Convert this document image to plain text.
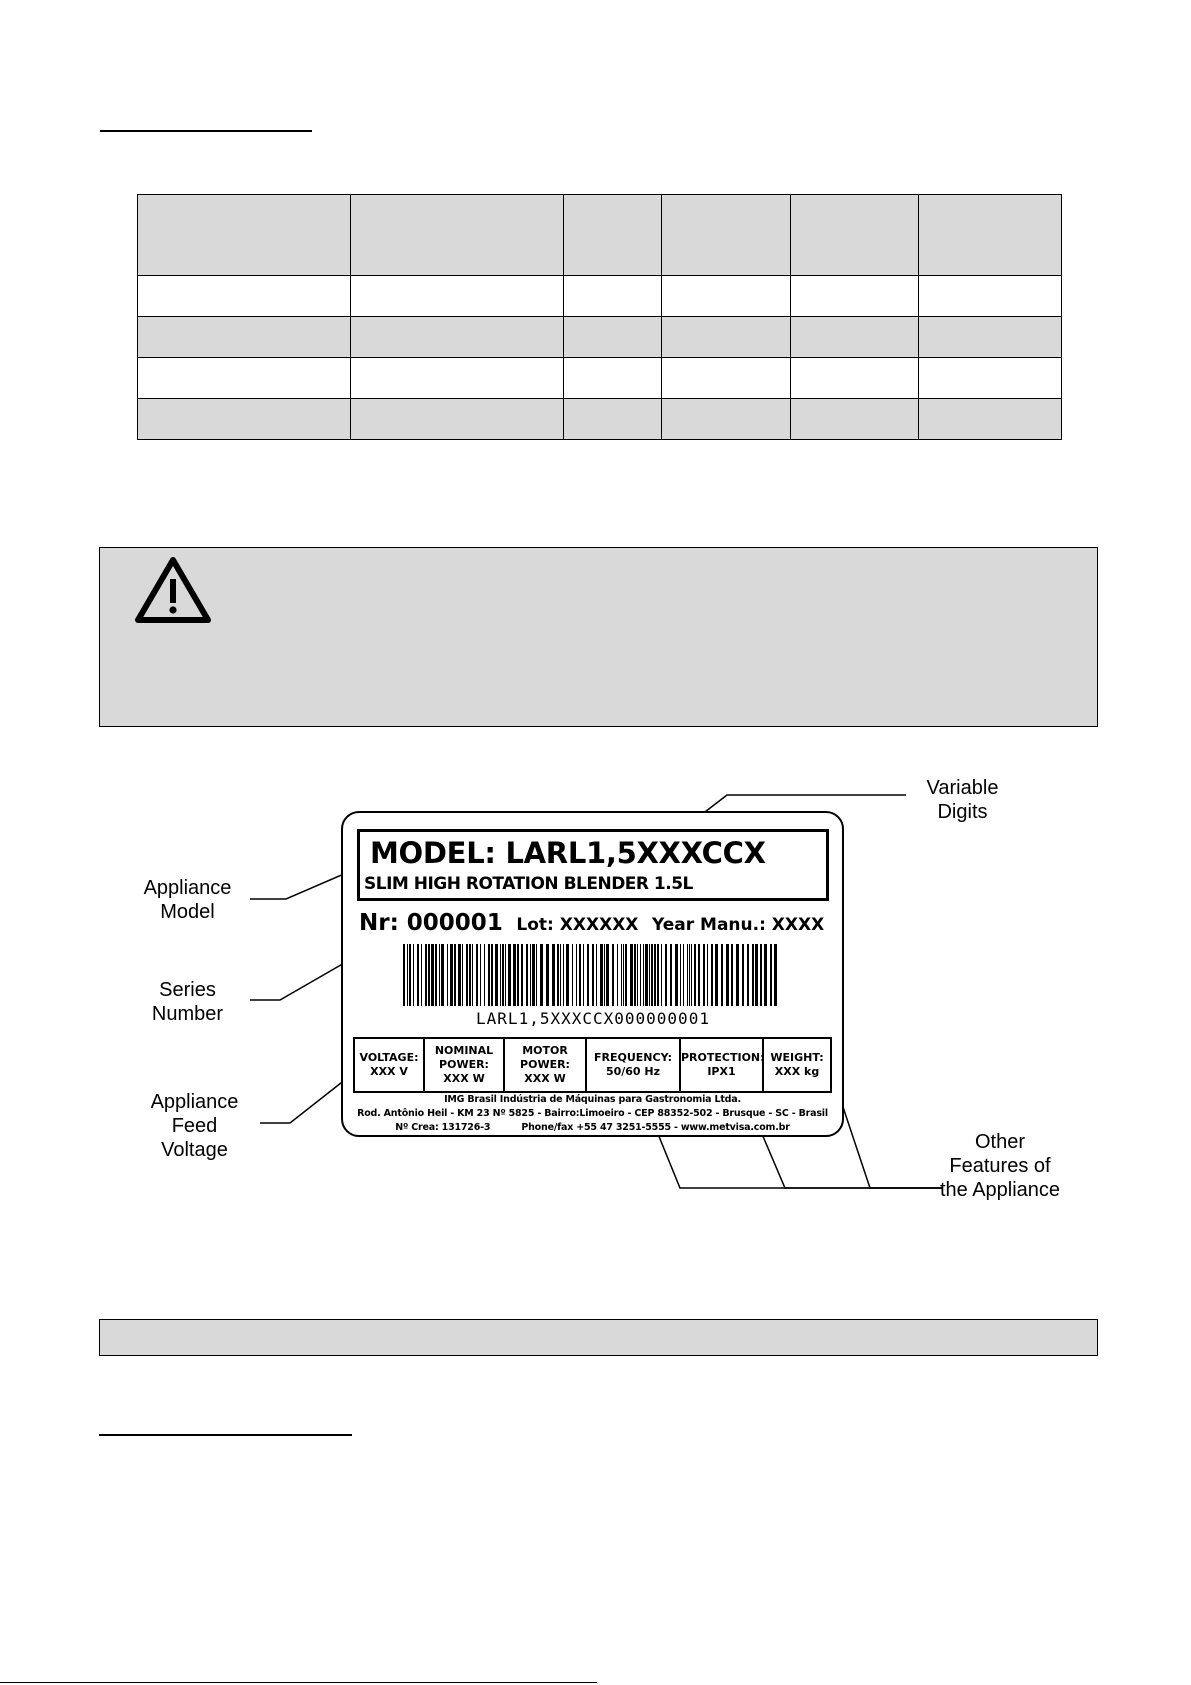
Variable
Digits
Appliance
Model
Series
Number
Appliance
Feed
Voltage	Other
Features of
the Appliance
MODEL: LARL1,5XXXCCX
SLIM HIGH ROTATION BLENDER 1.5L
Nr: 000001 Lot: XXXXXX Year Manu.: XXXX
LARL1,5XXXCCX000000001
VOLTAGE:
XXX V
NOMINAL POWER:
XXX W
MOTOR POWER:
XXX W
FREQUENCY:
50/60 Hz
PROTECTION:
IPX1
WEIGHT:
XXX kg
IMG Brasil Indústria de Máquinas para Gastronomia Ltda.
Rod. Antônio Heil - KM 23 Nº 5825 - Bairro:Limoeiro - CEP 88352-502 - Brusque - SC - Brasil
Nº Crea: 131726-3          Phone/fax +55 47 3251-5555 - www.metvisa.com.br
